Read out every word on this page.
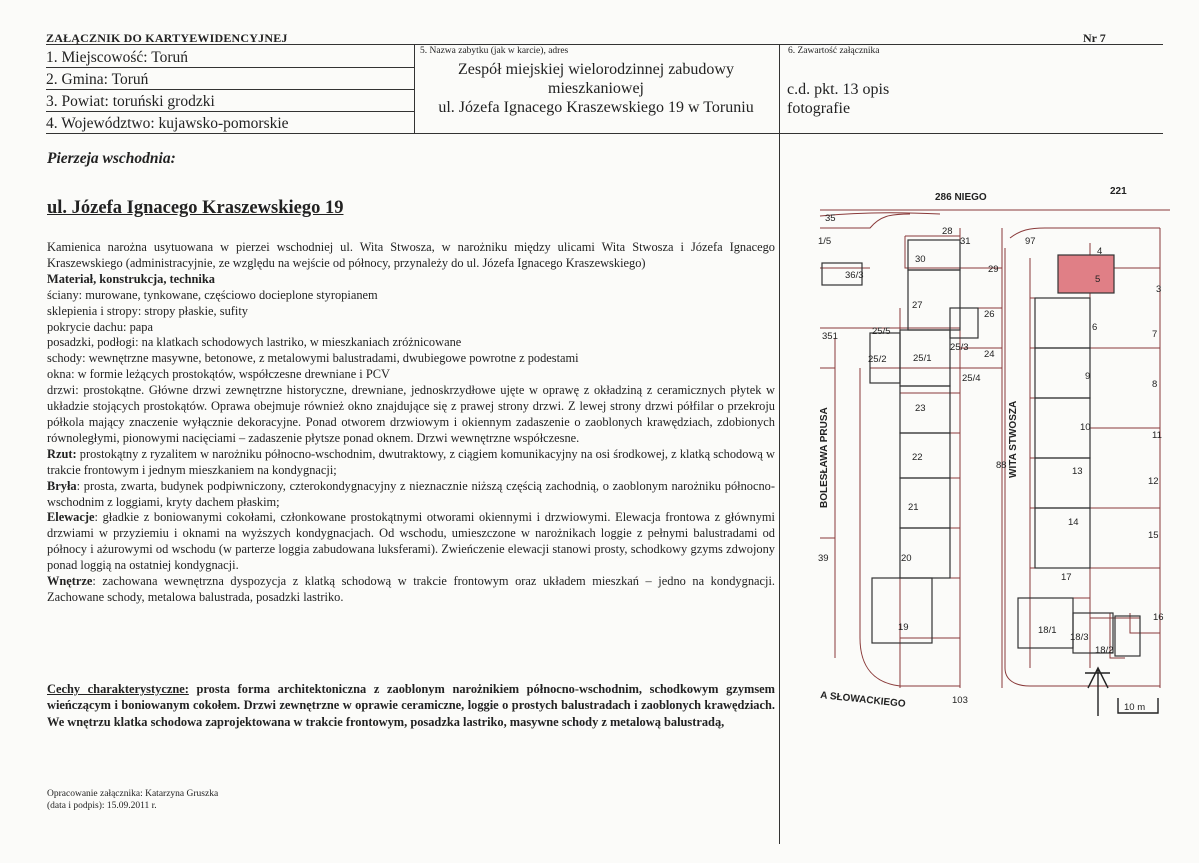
ZAŁĄCZNIK DO KARTYEWIDENCYJNEJ	Nr 7
1. Miejscowość: Toruń
2. Gmina: Toruń
3. Powiat: toruński grodzki
4. Województwo: kujawsko-pomorskie
5. Nazwa zabytku (jak w karcie), adres
Zespół miejskiej wielorodzinnej zabudowy
mieszkaniowej
ul. Józefa Ignacego Kraszewskiego 19 w Toruniu
6. Zawartość załącznika
c.d. pkt. 13 opis
fotografie
Pierzeja wschodnia:
ul. Józefa Ignacego Kraszewskiego 19

Kamienica narożna usytuowana w pierzei wschodniej ul. Wita Stwosza, w narożniku między ulicami Wita Stwosza i Józefa Ignacego Kraszewskiego (administracyjnie, ze względu na wejście od północy, przynależy do ul. Józefa Ignacego Kraszewskiego)

Materiał, konstrukcja, technika

ściany: murowane, tynkowane, częściowo docieplone styropianem

sklepienia i stropy: stropy płaskie, sufity

pokrycie dachu: papa

posadzki, podłogi: na klatkach schodowych lastriko, w mieszkaniach zróżnicowane

schody: wewnętrzne masywne, betonowe, z metalowymi balustradami, dwubiegowe powrotne z podestami

okna: w formie leżących prostokątów, współczesne drewniane i PCV

drzwi: prostokątne. Główne drzwi zewnętrzne historyczne, drewniane, jednoskrzydłowe ujęte w oprawę z okładziną z ceramicznych płytek w układzie stojących prostokątów. Oprawa obejmuje również okno znajdujące się z prawej strony drzwi. Z lewej strony drzwi półfilar o przekroju półkola mający znaczenie wyłącznie dekoracyjne. Ponad otworem drzwiowym i okiennym zadaszenie o zaoblonych krawędziach, zdobionych równoległymi, pionowymi nacięciami – zadaszenie płytsze ponad oknem. Drzwi wewnętrzne współczesne.

Rzut: prostokątny z ryzalitem w narożniku północno-wschodnim, dwutraktowy, z ciągiem komunikacyjny na osi środkowej, z klatką schodową w trakcie frontowym i jednym mieszkaniem na kondygnacji;

Bryła: prosta, zwarta, budynek podpiwniczony, czterokondygnacyjny z nieznacznie niższą częścią zachodnią, o zaoblonym narożniku północno-wschodnim z loggiami, kryty dachem płaskim;

Elewacje: gładkie z boniowanymi cokołami, członkowane prostokątnymi otworami okiennymi i drzwiowymi. Elewacja frontowa z głównymi drzwiami w przyziemiu i oknami na wyższych kondygnacjach. Od wschodu, umieszczone w narożnikach loggie z pełnymi balustradami od północy i ażurowymi od wschodu (w parterze loggia zabudowana luksferami). Zwieńczenie elewacji stanowi prosty, schodkowy gzyms zdwojony ponad loggią na ostatniej kondygnacji.

Wnętrze: zachowana wewnętrzna dyspozycja z klatką schodową w trakcie frontowym oraz układem mieszkań – jedno na kondygnacji. Zachowane schody, metalowa balustrada, posadzki lastriko.

Cechy charakterystyczne: prosta forma architektoniczna z zaoblonym narożnikiem północno-wschodnim, schodkowym gzymsem wieńczącym i boniowanym cokołem. Drzwi zewnętrzne w oprawie ceramiczne, loggie o prostych balustradach i zaoblonych krawędziach. We wnętrzu klatka schodowa zaprojektowana w trakcie frontowym, posadzka lastriko, masywne schody z metalową balustradą,
Opracowanie załącznika: Katarzyna Gruszka
(data i podpis): 15.09.2011 r.
286 NIEGO
221
BOLESŁAWA PRUSA	WITA STWOSZA
A SŁOWACKIEGO	103
35
28
31	97
4
1/5
30
29
5
36/3
27
26
6
7
351	25/5
25/3
25/2	25/1	24
25/4	9
8
23
10
11
22
88
13
12
21
14
15
39	20
17
16
19	18/1
18/3
18/2
3
10 m
